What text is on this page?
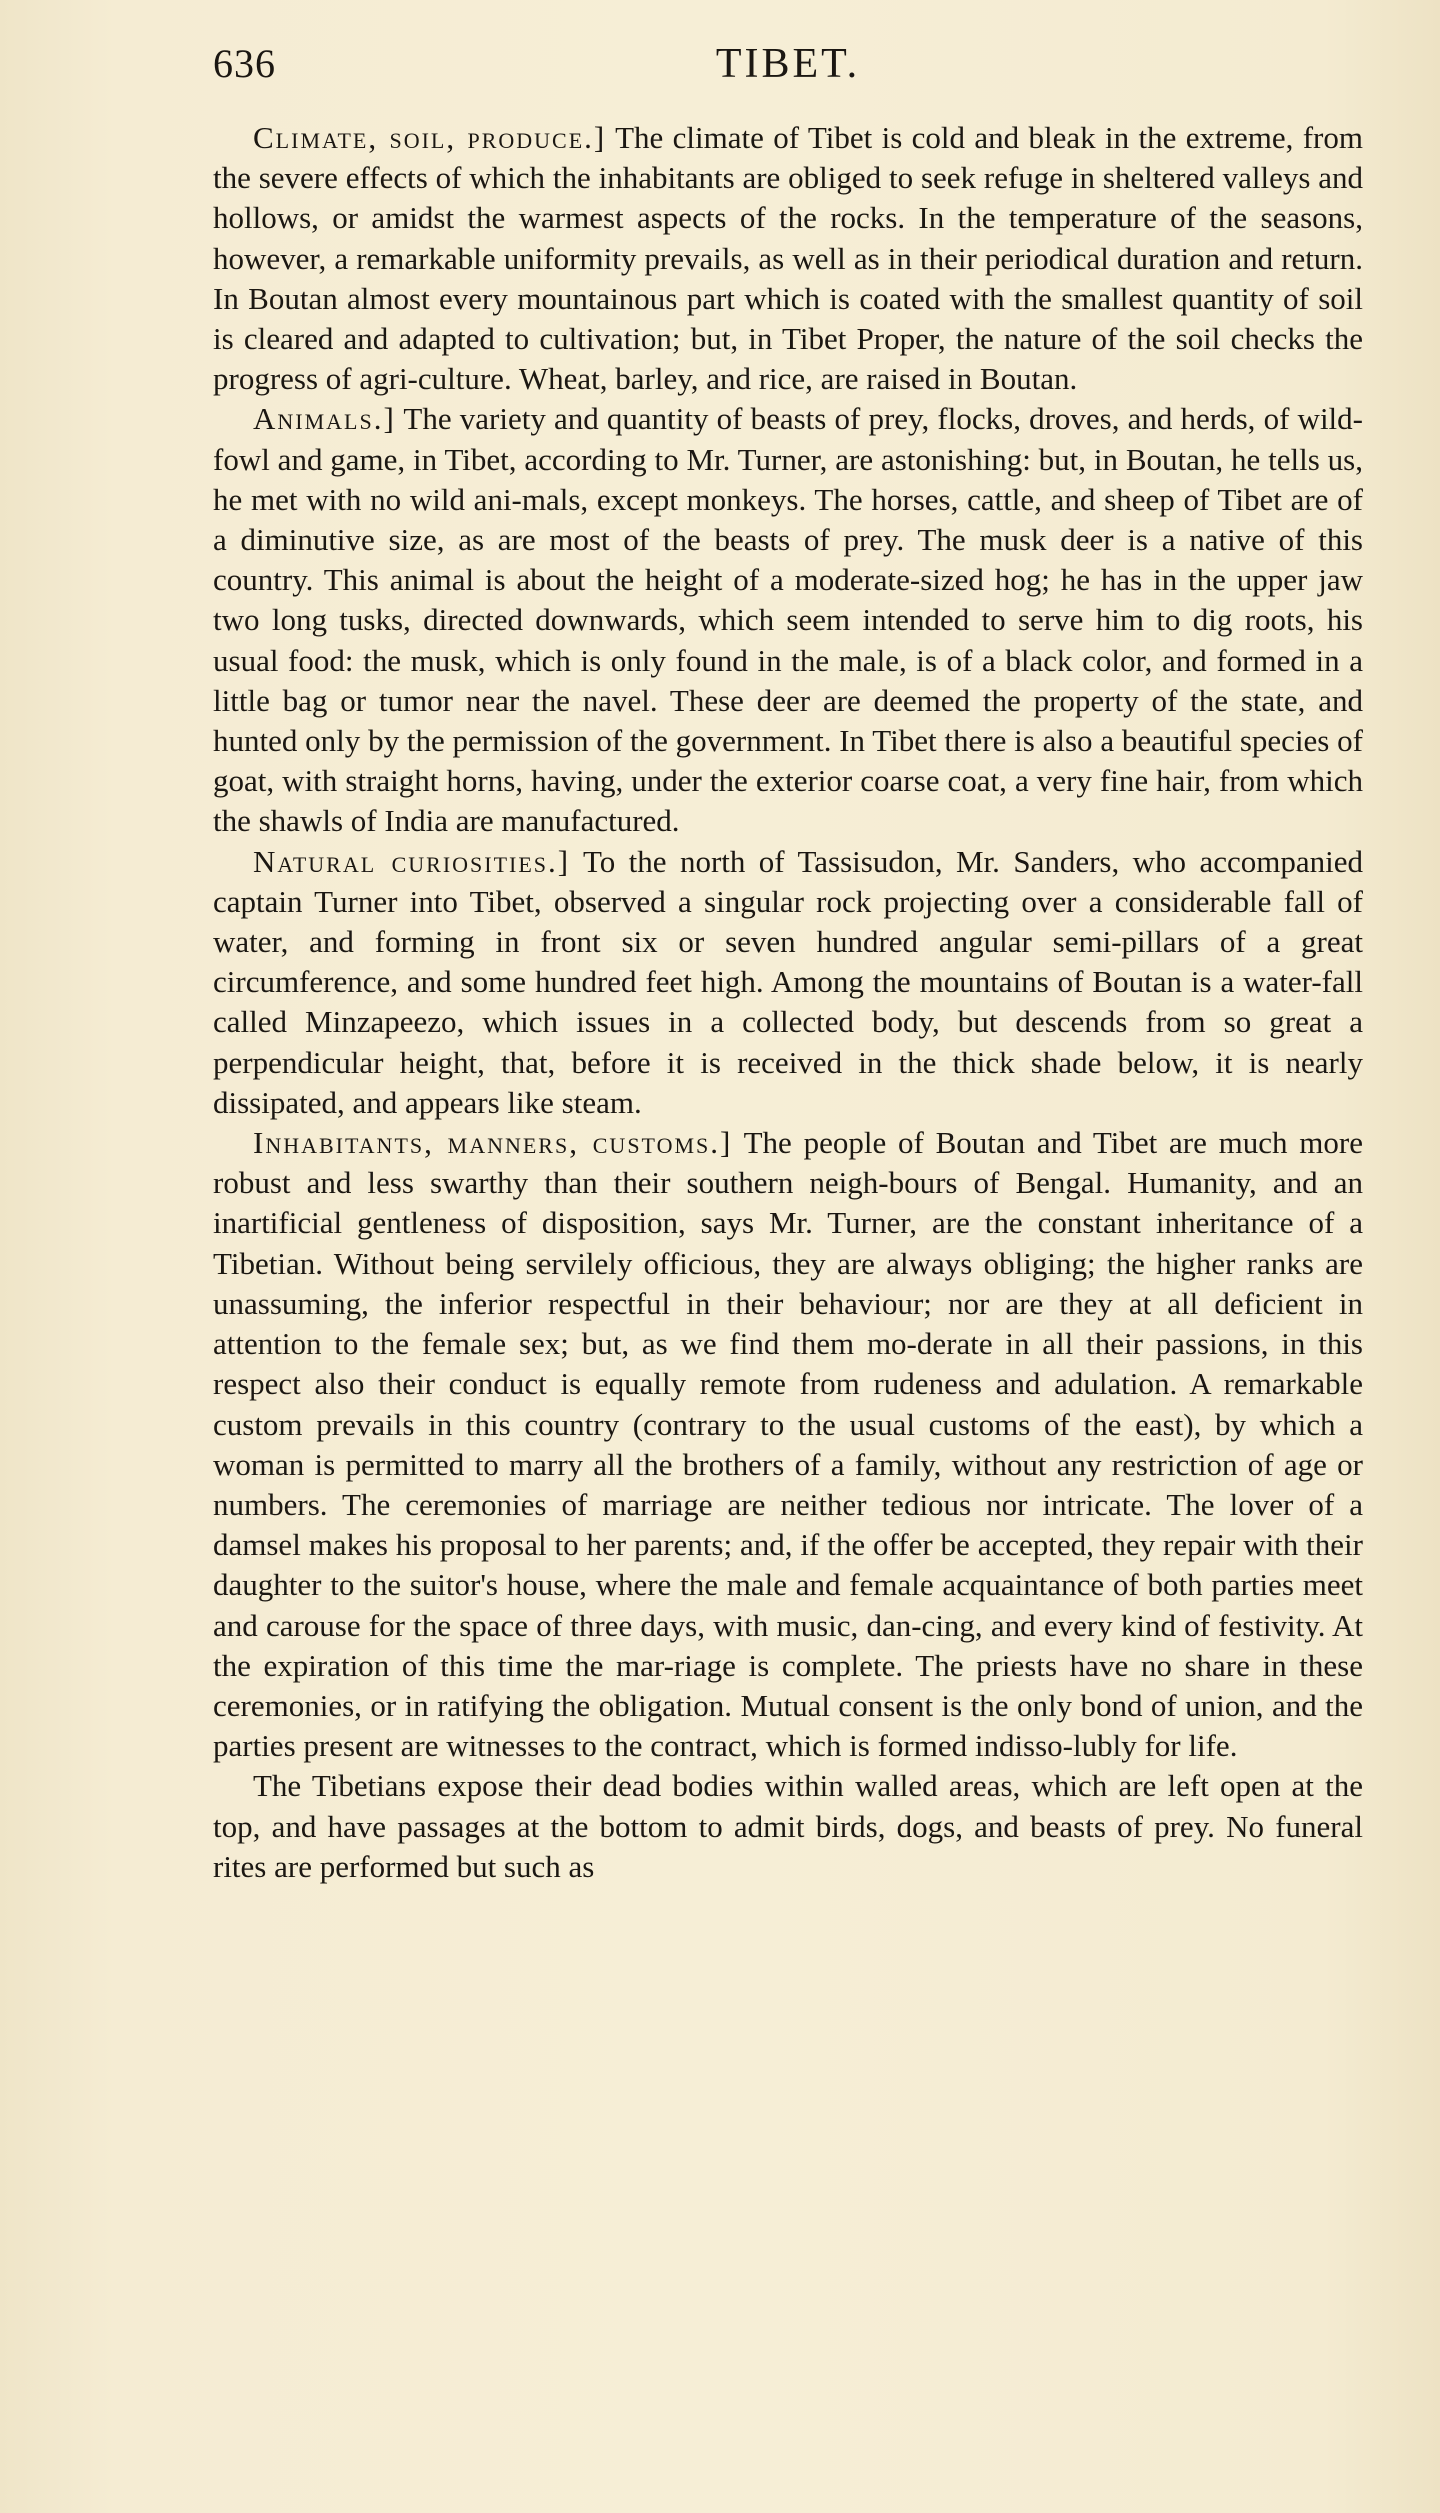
636	TIBET.

Climate, soil, produce.] The climate of Tibet is cold and bleak in the extreme, from the severe effects of which the inhabitants are obliged to seek refuge in sheltered valleys and hollows, or amidst the warmest aspects of the rocks. In the temperature of the seasons, however, a remarkable uniformity prevails, as well as in their periodical duration and return. In Boutan almost every mountainous part which is coated with the smallest quantity of soil is cleared and adapted to cultivation; but, in Tibet Proper, the nature of the soil checks the progress of agri-culture. Wheat, barley, and rice, are raised in Boutan.

Animals.] The variety and quantity of beasts of prey, flocks, droves, and herds, of wild-fowl and game, in Tibet, according to Mr. Turner, are astonishing: but, in Boutan, he tells us, he met with no wild ani-mals, except monkeys. The horses, cattle, and sheep of Tibet are of a diminutive size, as are most of the beasts of prey. The musk deer is a native of this country. This animal is about the height of a moderate-sized hog; he has in the upper jaw two long tusks, directed downwards, which seem intended to serve him to dig roots, his usual food: the musk, which is only found in the male, is of a black color, and formed in a little bag or tumor near the navel. These deer are deemed the property of the state, and hunted only by the permission of the government. In Tibet there is also a beautiful species of goat, with straight horns, having, under the exterior coarse coat, a very fine hair, from which the shawls of India are manufactured.

Natural curiosities.] To the north of Tassisudon, Mr. Sanders, who accompanied captain Turner into Tibet, observed a singular rock projecting over a considerable fall of water, and forming in front six or seven hundred angular semi-pillars of a great circumference, and some hundred feet high. Among the mountains of Boutan is a water-fall called Minzapeezo, which issues in a collected body, but descends from so great a perpendicular height, that, before it is received in the thick shade below, it is nearly dissipated, and appears like steam.

Inhabitants, manners, customs.] The people of Boutan and Tibet are much more robust and less swarthy than their southern neigh-bours of Bengal. Humanity, and an inartificial gentleness of disposition, says Mr. Turner, are the constant inheritance of a Tibetian. Without being servilely officious, they are always obliging; the higher ranks are unassuming, the inferior respectful in their behaviour; nor are they at all deficient in attention to the female sex; but, as we find them mo-derate in all their passions, in this respect also their conduct is equally remote from rudeness and adulation. A remarkable custom prevails in this country (contrary to the usual customs of the east), by which a woman is permitted to marry all the brothers of a family, without any restriction of age or numbers. The ceremonies of marriage are neither tedious nor intricate. The lover of a damsel makes his proposal to her parents; and, if the offer be accepted, they repair with their daughter to the suitor's house, where the male and female acquaintance of both parties meet and carouse for the space of three days, with music, dan-cing, and every kind of festivity. At the expiration of this time the mar-riage is complete. The priests have no share in these ceremonies, or in ratifying the obligation. Mutual consent is the only bond of union, and the parties present are witnesses to the contract, which is formed indisso-lubly for life.

The Tibetians expose their dead bodies within walled areas, which are left open at the top, and have passages at the bottom to admit birds, dogs, and beasts of prey. No funeral rites are performed but such as
